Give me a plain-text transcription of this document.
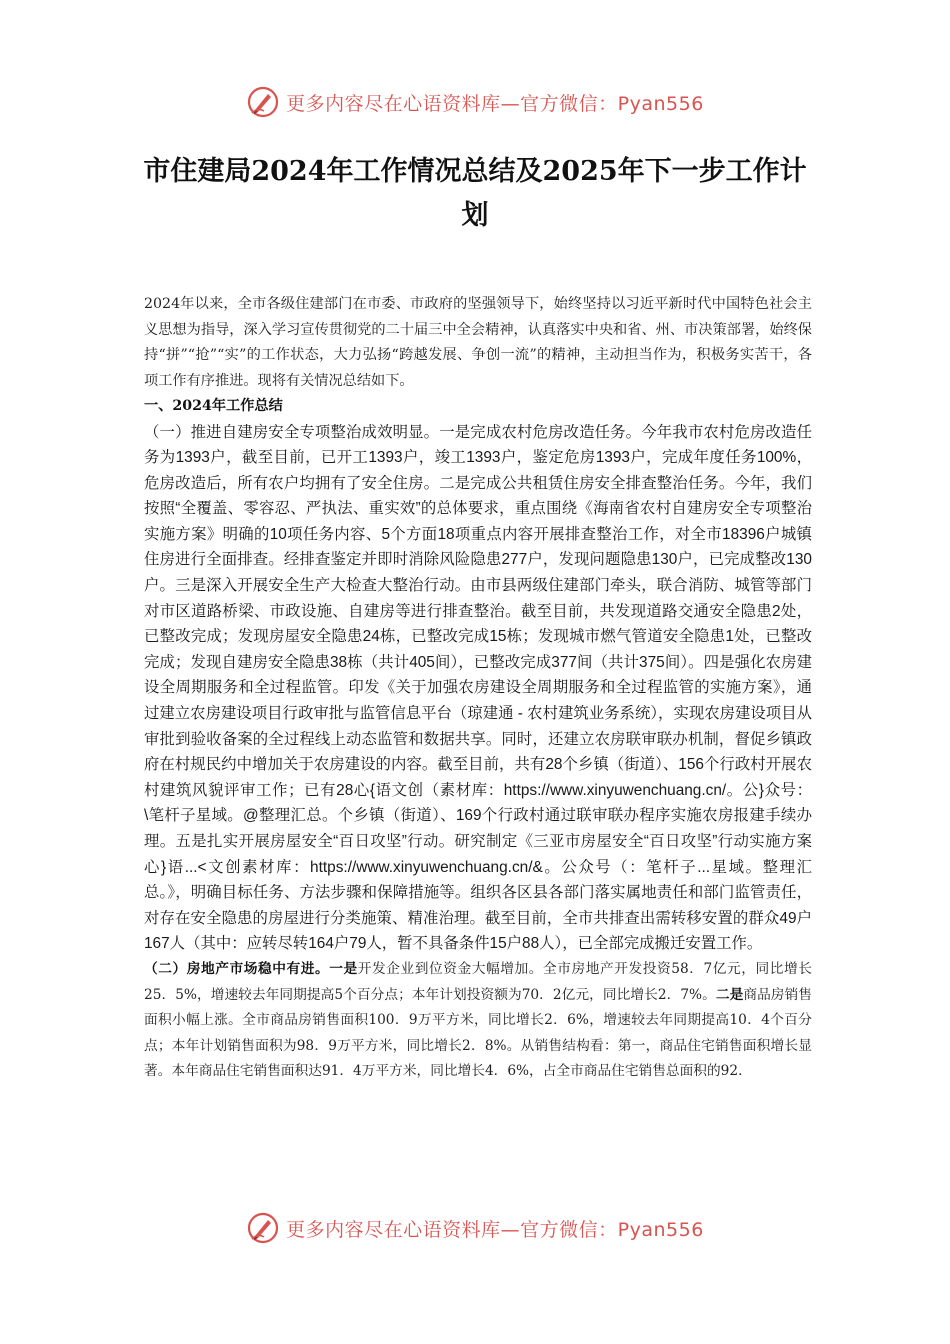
更多内容尽在心语资料库—官方微信：Pyan556
市住建局2024年工作情况总结及2025年下一步工作计划

2024年以来，全市各级住建部门在市委、市政府的坚强领导下，始终坚持以习近平新时代中国特色社会主义思想为指导，深入学习宣传贯彻党的二十届三中全会精神，认真落实中央和省、州、市决策部署，始终保持“拼”“抢”“实”的工作状态，大力弘扬“跨越发展、争创一流”的精神，主动担当作为，积极务实苦干，各项工作有序推进。现将有关情况总结如下。

一、2024年工作总结

（一）推进自建房安全专项整治成效明显。一是完成农村危房改造任务。今年我市农村危房改造任务为1393户，截至目前，已开工1393户，竣工1393户，鉴定危房1393户，完成年度任务100%，危房改造后，所有农户均拥有了安全住房。二是完成公共租赁住房安全排查整治任务。今年，我们按照“全覆盖、零容忍、严执法、重实效”的总体要求，重点围绕《海南省农村自建房安全专项整治实施方案》明确的10项任务内容、5个方面18项重点内容开展排查整治工作，对全市18396户城镇住房进行全面排查。经排查鉴定并即时消除风险隐患277户，发现问题隐患130户，已完成整改130户。三是深入开展安全生产大检查大整治行动。由市县两级住建部门牵头，联合消防、城管等部门对市区道路桥梁、市政设施、自建房等进行排查整治。截至目前，共发现道路交通安全隐患2处，已整改完成；发现房屋安全隐患24栋，已整改完成15栋；发现城市燃气管道安全隐患1处，已整改完成；发现自建房安全隐患38栋（共计405间），已整改完成377间（共计375间）。四是强化农房建设全周期服务和全过程监管。印发《关于加强农房建设全周期服务和全过程监管的实施方案》，通过建立农房建设项目行政审批与监管信息平台（琼建通 - 农村建筑业务系统），实现农房建设项目从审批到验收备案的全过程线上动态监管和数据共享。同时，还建立农房联审联办机制，督促乡镇政府在村规民约中增加关于农房建设的内容。截至目前，共有28个乡镇（街道）、156个行政村开展农村建筑风貌评审工作；已有28心{语文创（素材库：https://www.xinyuwenchuang.cn/。公}众号：\笔杆子星域。@整理汇总。个乡镇（街道）、169个行政村通过联审联办程序实施农房报建手续办理。五是扎实开展房屋安全“百日攻坚”行动。研究制定《三亚市房屋安全“百日攻坚”行动实施方案心}语...<文创素材库：https://www.xinyuwenchuang.cn/&。公众号（：笔杆子...星域。整理汇总。》，明确目标任务、方法步骤和保障措施等。组织各区县各部门落实属地责任和部门监管责任，对存在安全隐患的房屋进行分类施策、精准治理。截至目前，全市共排查出需转移安置的群众49户167人（其中：应转尽转164户79人，暂不具备条件15户88人），已全部完成搬迁安置工作。

（二）房地产市场稳中有进。一是开发企业到位资金大幅增加。全市房地产开发投资58．7亿元，同比增长25．5%，增速较去年同期提高5个百分点；本年计划投资额为70．2亿元，同比增长2．7%。二是商品房销售面积小幅上涨。全市商品房销售面积100．9万平方米，同比增长2．6%，增速较去年同期提高10．4个百分点；本年计划销售面积为98．9万平方米，同比增长2．8%。从销售结构看：第一，商品住宅销售面积增长显著。本年商品住宅销售面积达91．4万平方米，同比增长4．6%，占全市商品住宅销售总面积的92．

更多内容尽在心语资料库—官方微信：Pyan556
